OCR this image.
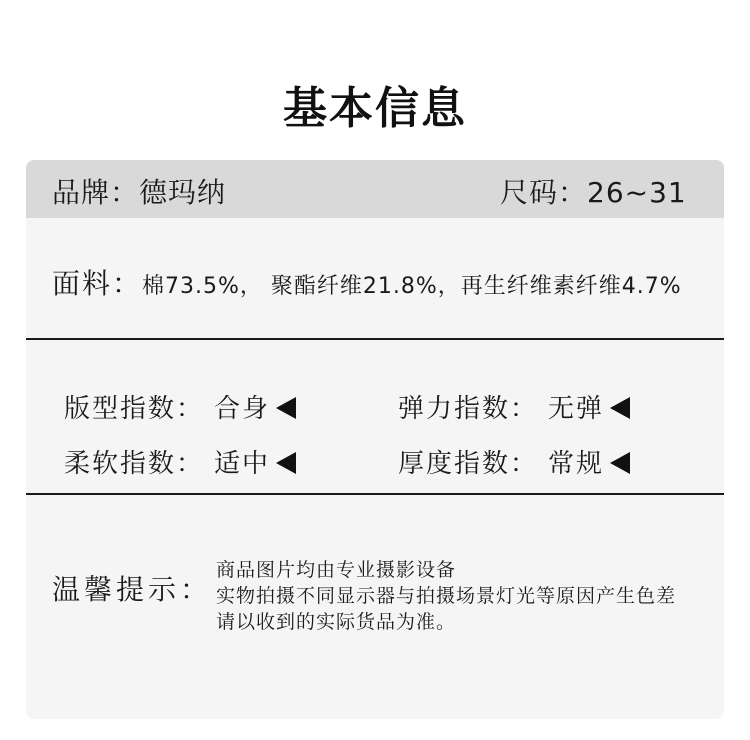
基本信息
品牌：德玛纳	尺码：26~31
面料：棉73.5%， 聚酯纤维21.8%，再生纤维素纤维4.7%
版型指数： 合身	弹力指数： 无弹
柔软指数： 适中	厚度指数： 常规
温馨提示：
商品图片均由专业摄影设备
实物拍摄不同显示器与拍摄场景灯光等原因产生色差
请以收到的实际货品为准。
